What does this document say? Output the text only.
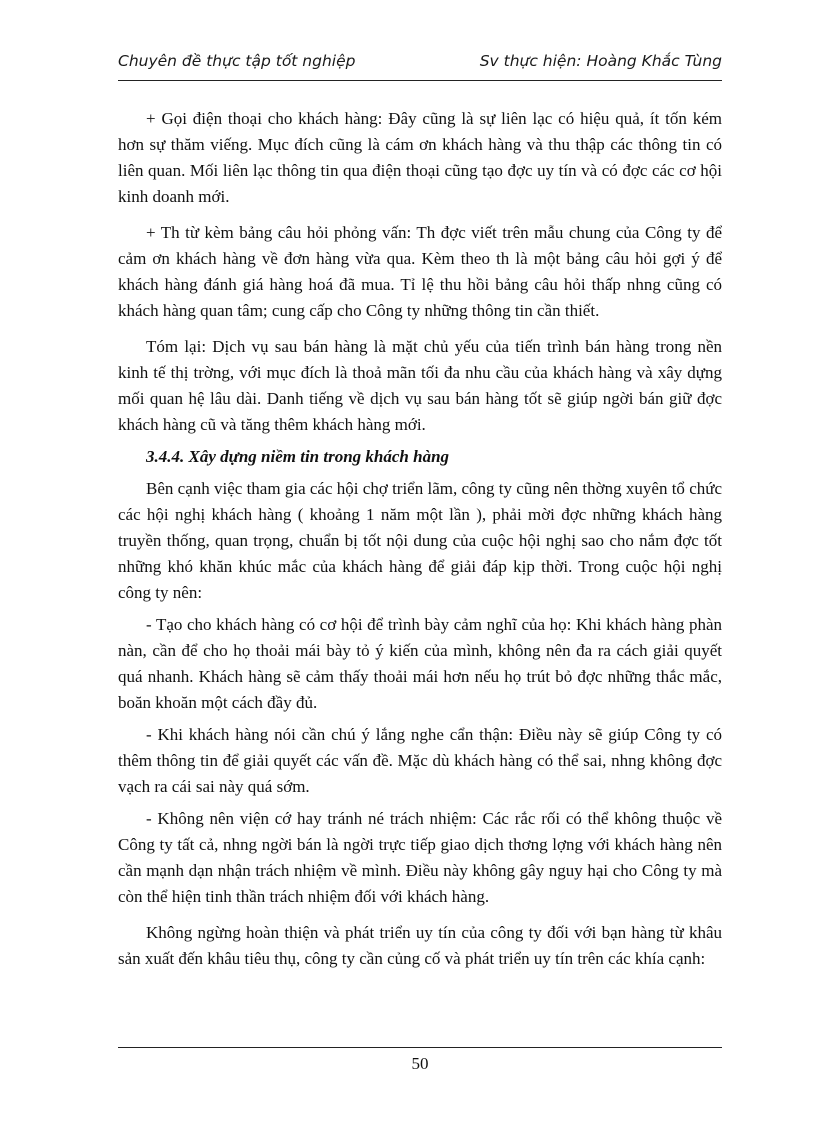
Chuyên đề thực tập tốt nghiệp	Sv thực hiện: Hoàng Khắc Tùng

+ Gọi điện thoại cho khách hàng: Đây cũng là sự liên lạc có hiệu quả, ít tốn kém hơn sự thăm viếng. Mục đích cũng là cám ơn khách hàng và thu thập các thông tin có liên quan. Mối liên lạc thông tin qua điện thoại cũng tạo đợc uy tín và có đợc các cơ hội kinh doanh mới.

+ Th từ kèm bảng câu hỏi phỏng vấn: Th đợc viết trên mẫu chung của Công ty để cảm ơn khách hàng về đơn hàng vừa qua. Kèm theo th là một bảng câu hỏi gợi ý để khách hàng đánh giá hàng hoá đã mua. Tỉ lệ thu hồi bảng câu hỏi thấp nhng cũng có khách hàng quan tâm; cung cấp cho Công ty những thông tin cần thiết.

Tóm lại: Dịch vụ sau bán hàng là mặt chủ yếu của tiến trình bán hàng trong nền kinh tế thị trờng, với mục đích là thoả mãn tối đa nhu cầu của khách hàng và xây dựng mối quan hệ lâu dài. Danh tiếng về dịch vụ sau bán hàng tốt sẽ giúp ngời bán giữ đợc khách hàng cũ và tăng thêm khách hàng mới.

3.4.4. Xây dựng niềm tin trong khách hàng

Bên cạnh việc tham gia các hội chợ triển lãm, công ty cũng nên thờng xuyên tổ chức các hội nghị khách hàng ( khoảng 1 năm một lần ), phải mời đợc những khách hàng truyền thống, quan trọng, chuẩn bị tốt nội dung của cuộc hội nghị sao cho nắm đợc tốt những khó khăn khúc mắc của khách hàng để giải đáp kịp thời. Trong cuộc hội nghị công ty nên:

- Tạo cho khách hàng có cơ hội để trình bày cảm nghĩ của họ: Khi khách hàng phàn nàn, cần để cho họ thoải mái bày tỏ ý kiến của mình, không nên đa ra cách giải quyết quá nhanh. Khách hàng sẽ cảm thấy thoải mái hơn nếu họ trút bỏ đợc những thắc mắc, boăn khoăn một cách đầy đủ.

- Khi khách hàng nói cần chú ý lắng nghe cẩn thận: Điều này sẽ giúp Công ty có thêm thông tin để giải quyết các vấn đề. Mặc dù khách hàng có thể sai, nhng không đợc vạch ra cái sai này quá sớm.

- Không nên viện cớ hay tránh né trách nhiệm: Các rắc rối có thể không thuộc về Công ty tất cả, nhng ngời bán là ngời trực tiếp giao dịch thơng lợng với khách hàng nên cần mạnh dạn nhận trách nhiệm về mình. Điều này không gây nguy hại cho Công ty mà còn thể hiện tinh thần trách nhiệm đối với khách hàng.

Không ngừng hoàn thiện và phát triển uy tín của công ty đối với bạn hàng từ khâu sản xuất đến khâu tiêu thụ, công ty cần củng cố và phát triển uy tín trên các khía cạnh:

50
